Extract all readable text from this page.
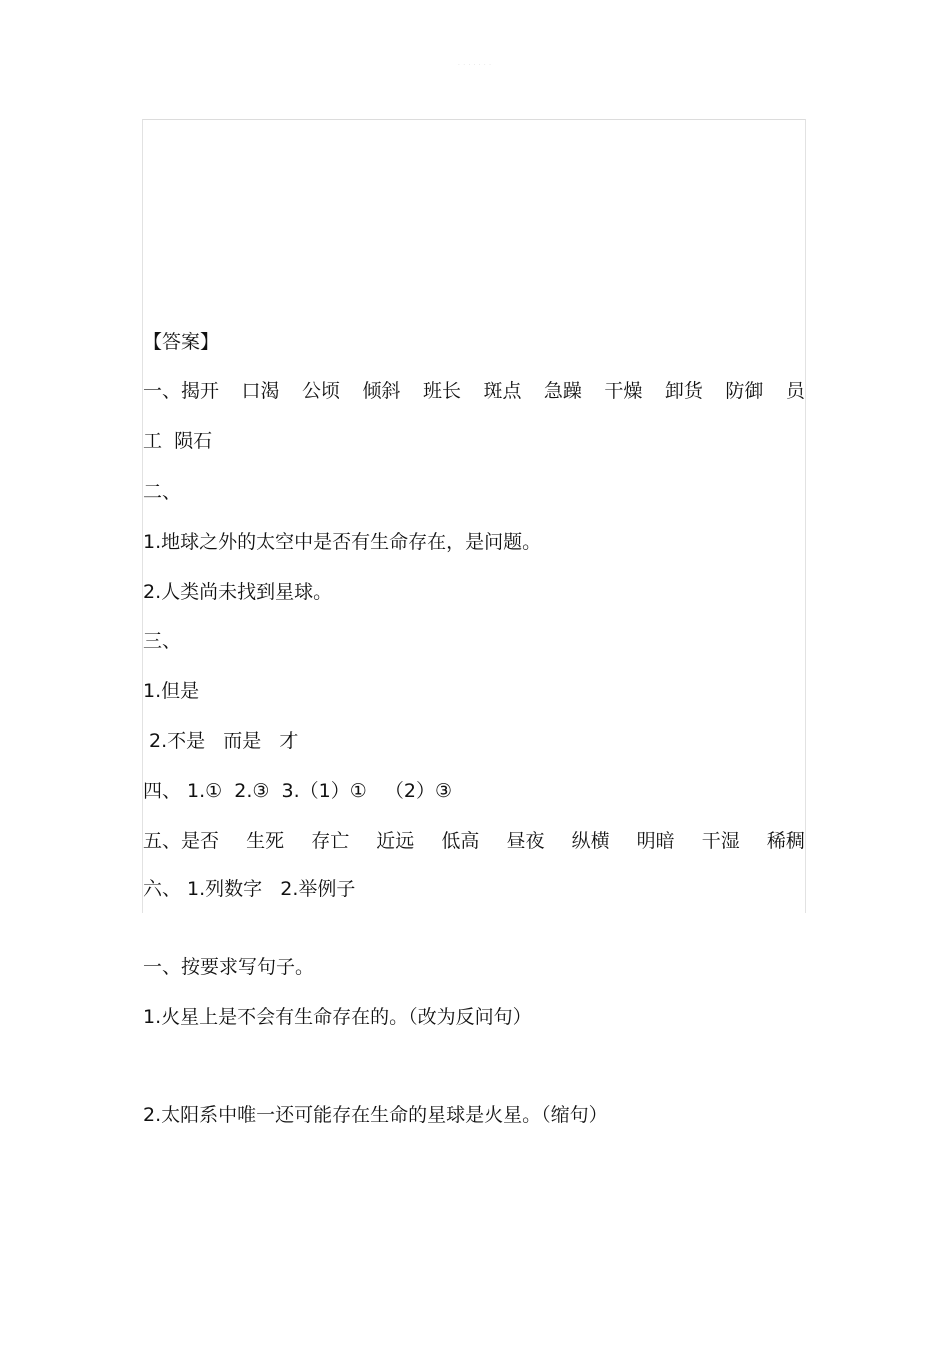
· · · · · · ·
【答案】
一、揭开 口渴 公顷 倾斜 班长 斑点 急躁 干燥 卸货 防御 员
工  陨石
二、
1.地球之外的太空中是否有生命存在，是问题。
2.人类尚未找到星球。
三、
1.但是
2.不是   而是   才
四、 1.①  2.③  3.（1）①   （2）③
五、是否 生死 存亡 近远 低高 昼夜 纵横 明暗 干湿 稀稠
六、 1.列数字   2.举例子
一、按要求写句子。
1.火星上是不会有生命存在的。（改为反问句）
2.太阳系中唯一还可能存在生命的星球是火星。（缩句）
